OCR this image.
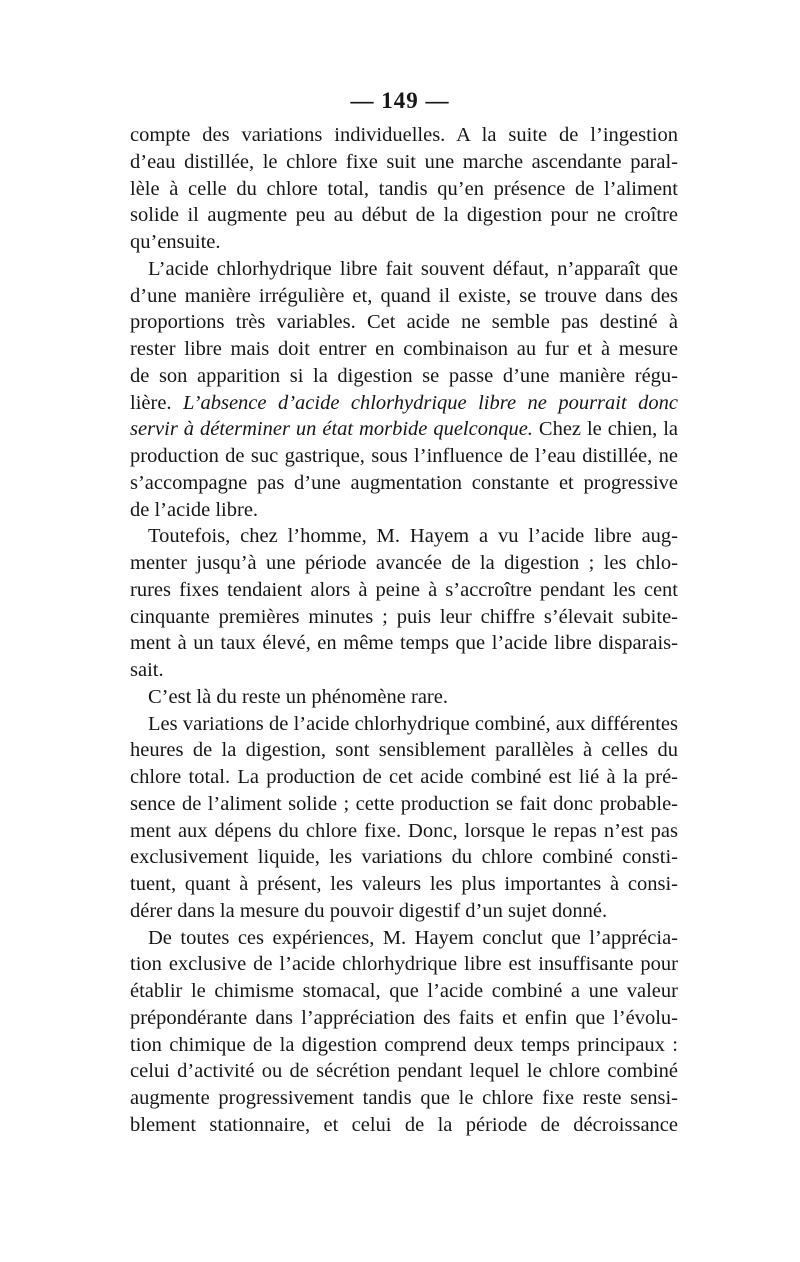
— 149 —
compte des variations individuelles. A la suite de l’ingestion
d’eau distillée, le chlore fixe suit une marche ascendante paral-
lèle à celle du chlore total, tandis qu’en présence de l’aliment
solide il augmente peu au début de la digestion pour ne croître
qu’ensuite.
L’acide chlorhydrique libre fait souvent défaut, n’apparaît que
d’une manière irrégulière et, quand il existe, se trouve dans des
proportions très variables. Cet acide ne semble pas destiné à
rester libre mais doit entrer en combinaison au fur et à mesure
de son apparition si la digestion se passe d’une manière régu-
lière. L’absence d’acide chlorhydrique libre ne pourrait donc
servir à déterminer un état morbide quelconque. Chez le chien, la
production de suc gastrique, sous l’influence de l’eau distillée, ne
s’accompagne pas d’une augmentation constante et progressive
de l’acide libre.
Toutefois, chez l’homme, M. Hayem a vu l’acide libre aug-
menter jusqu’à une période avancée de la digestion ; les chlo-
rures fixes tendaient alors à peine à s’accroître pendant les cent
cinquante premières minutes ; puis leur chiffre s’élevait subite-
ment à un taux élevé, en même temps que l’acide libre disparais-
sait.
C’est là du reste un phénomène rare.
Les variations de l’acide chlorhydrique combiné, aux différentes
heures de la digestion, sont sensiblement parallèles à celles du
chlore total. La production de cet acide combiné est lié à la pré-
sence de l’aliment solide ; cette production se fait donc probable-
ment aux dépens du chlore fixe. Donc, lorsque le repas n’est pas
exclusivement liquide, les variations du chlore combiné consti-
tuent, quant à présent, les valeurs les plus importantes à consi-
dérer dans la mesure du pouvoir digestif d’un sujet donné.
De toutes ces expériences, M. Hayem conclut que l’apprécia-
tion exclusive de l’acide chlorhydrique libre est insuffisante pour
établir le chimisme stomacal, que l’acide combiné a une valeur
prépondérante dans l’appréciation des faits et enfin que l’évolu-
tion chimique de la digestion comprend deux temps principaux :
celui d’activité ou de sécrétion pendant lequel le chlore combiné
augmente progressivement tandis que le chlore fixe reste sensi-
blement stationnaire, et celui de la période de décroissance
